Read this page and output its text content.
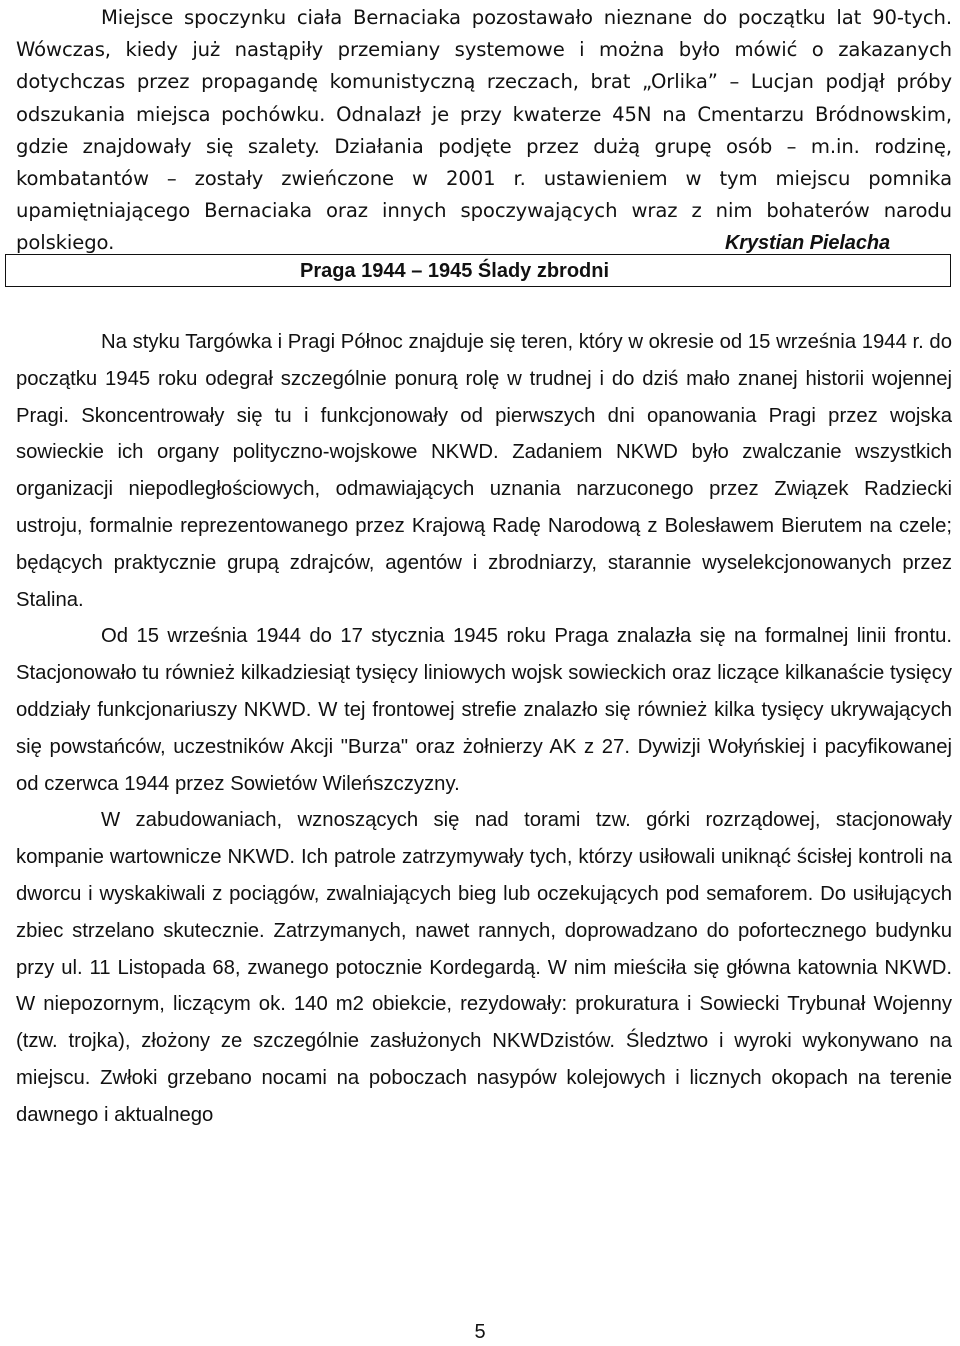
Miejsce spoczynku ciała Bernaciaka pozostawało nieznane do początku lat 90-tych. Wówczas, kiedy już nastąpiły przemiany systemowe i można było mówić o zakazanych dotychczas przez propagandę komunistyczną rzeczach, brat „Orlika” – Lucjan podjął próby odszukania miejsca pochówku. Odnalazł je przy kwaterze 45N na Cmentarzu Bródnowskim, gdzie znajdowały się szalety. Działania podjęte przez dużą grupę osób – m.in. rodzinę, kombatantów – zostały zwieńczone w 2001 r. ustawieniem w tym miejscu pomnika upamiętniającego Bernaciaka oraz innych spoczywających wraz z nim bohaterów narodu polskiego.	Krystian Pielacha
Praga 1944 – 1945 Ślady zbrodni

Na styku Targówka i Pragi Północ znajduje się teren, który w okresie od 15 września 1944 r. do początku 1945 roku odegrał szczególnie ponurą rolę w trudnej i do dziś mało znanej historii wojennej Pragi. Skoncentrowały się tu i funkcjonowały od pierwszych dni opanowania Pragi przez wojska sowieckie ich organy polityczno-wojskowe NKWD. Zadaniem NKWD było zwalczanie wszystkich organizacji niepodległościowych, odmawiających uznania narzuconego przez Związek Radziecki ustroju, formalnie reprezentowanego przez Krajową Radę Narodową z Bolesławem Bierutem na czele; będących praktycznie grupą zdrajców, agentów i zbrodniarzy, starannie wyselekcjonowanych przez Stalina.

Od 15 września 1944 do 17 stycznia 1945 roku Praga znalazła się na formalnej linii frontu. Stacjonowało tu również kilkadziesiąt tysięcy liniowych wojsk sowieckich oraz liczące kilkanaście tysięcy oddziały funkcjonariuszy NKWD. W tej frontowej strefie znalazło się również kilka tysięcy ukrywających się powstańców, uczestników Akcji "Burza" oraz żołnierzy AK z 27. Dywizji Wołyńskiej i pacyfikowanej od czerwca 1944 przez Sowietów Wileńszczyzny.

W zabudowaniach, wznoszących się nad torami tzw. górki rozrządowej, stacjonowały kompanie wartownicze NKWD. Ich patrole zatrzymywały tych, którzy usiłowali uniknąć ścisłej kontroli na dworcu i wyskakiwali z pociągów, zwalniających bieg lub oczekujących pod semaforem. Do usiłujących zbiec strzelano skutecznie. Zatrzymanych, nawet rannych, doprowadzano do pofortecznego budynku przy ul. 11 Listopada 68, zwanego potocznie Kordegardą. W nim mieściła się główna katownia NKWD. W niepozornym, liczącym ok. 140 m2 obiekcie, rezydowały: prokuratura i Sowiecki Trybunał Wojenny (tzw. trojka), złożony ze szczególnie zasłużonych NKWDzistów. Śledztwo i wyroki wykonywano na miejscu. Zwłoki grzebano nocami na poboczach nasypów kolejowych i licznych okopach na terenie dawnego i aktualnego

5
